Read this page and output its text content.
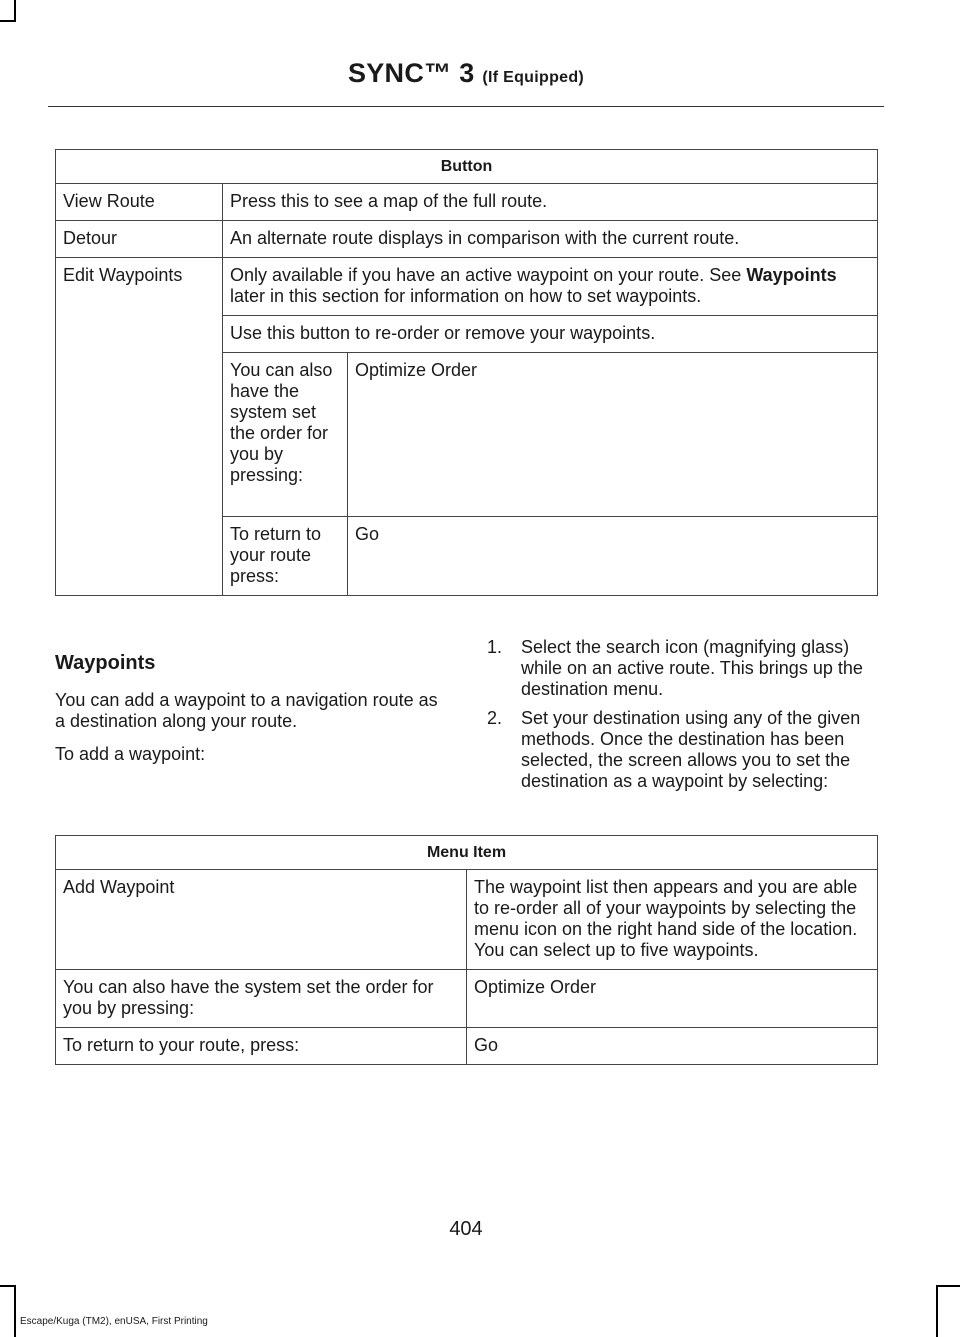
SYNC™ 3 (If Equipped)
Button		
View Route	Press this to see a map of the full route.	
Detour	An alternate route displays in comparison with the current route.	
Edit Waypoints	Only available if you have an active waypoint on your route. See Waypoints later in this section for information on how to set waypoints.	
	Use this button to re-order or remove your waypoints.	
	You can also have the system set the order for you by pressing:	Optimize Order
	To return to your route press:	Go
Waypoints

You can add a waypoint to a navigation route as a destination along your route.

To add a waypoint:

1. Select the search icon (magnifying glass) while on an active route. This brings up the destination menu.
2. Set your destination using any of the given methods. Once the destination has been selected, the screen allows you to set the destination as a waypoint by selecting:
Menu Item	
Add Waypoint	The waypoint list then appears and you are able to re-order all of your waypoints by selecting the menu icon on the right hand side of the location. You can select up to five waypoints.
You can also have the system set the order for you by pressing:	Optimize Order
To return to your route, press:	Go
404
Escape/Kuga (TM2), enUSA, First Printing
